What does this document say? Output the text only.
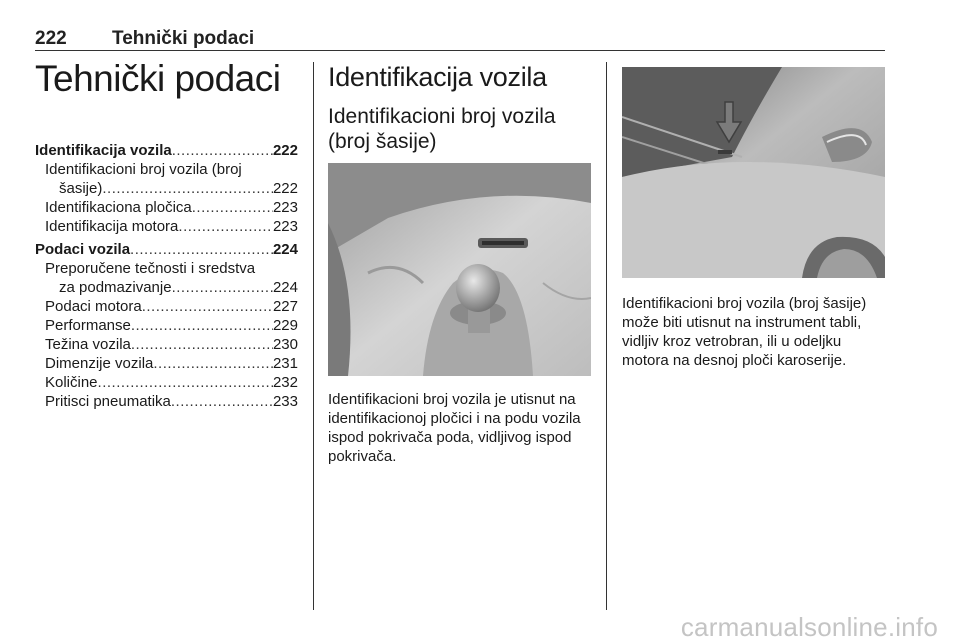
222 Tehnički podaci
Tehnički podaci
Identifikacija vozila .....	222
Identifikacioni broj vozila (broj
šasije) .....	222
Identifikaciona pločica .....	223
Identifikacija motora .....	223
Podaci vozila .....	224
Preporučene tečnosti i sredstva
za podmazivanje .....	224
Podaci motora .....	227
Performanse .....	229
Težina vozila .....	230
Dimenzije vozila .....	231
Količine .....	232
Pritisci pneumatika .....	233
Identifikacija vozila
Identifikacioni broj vozila (broj šasije)
Identifikacioni broj vozila je utisnut na identifikacionoj pločici i na podu vozila ispod pokrivača poda, vidljivog ispod pokrivača.
Identifikacioni broj vozila (broj šasije) može biti utisnut na instrument tabli, vidljiv kroz vetrobran, ili u odeljku motora na desnoj ploči karoserije.
carmanualsonline.info
